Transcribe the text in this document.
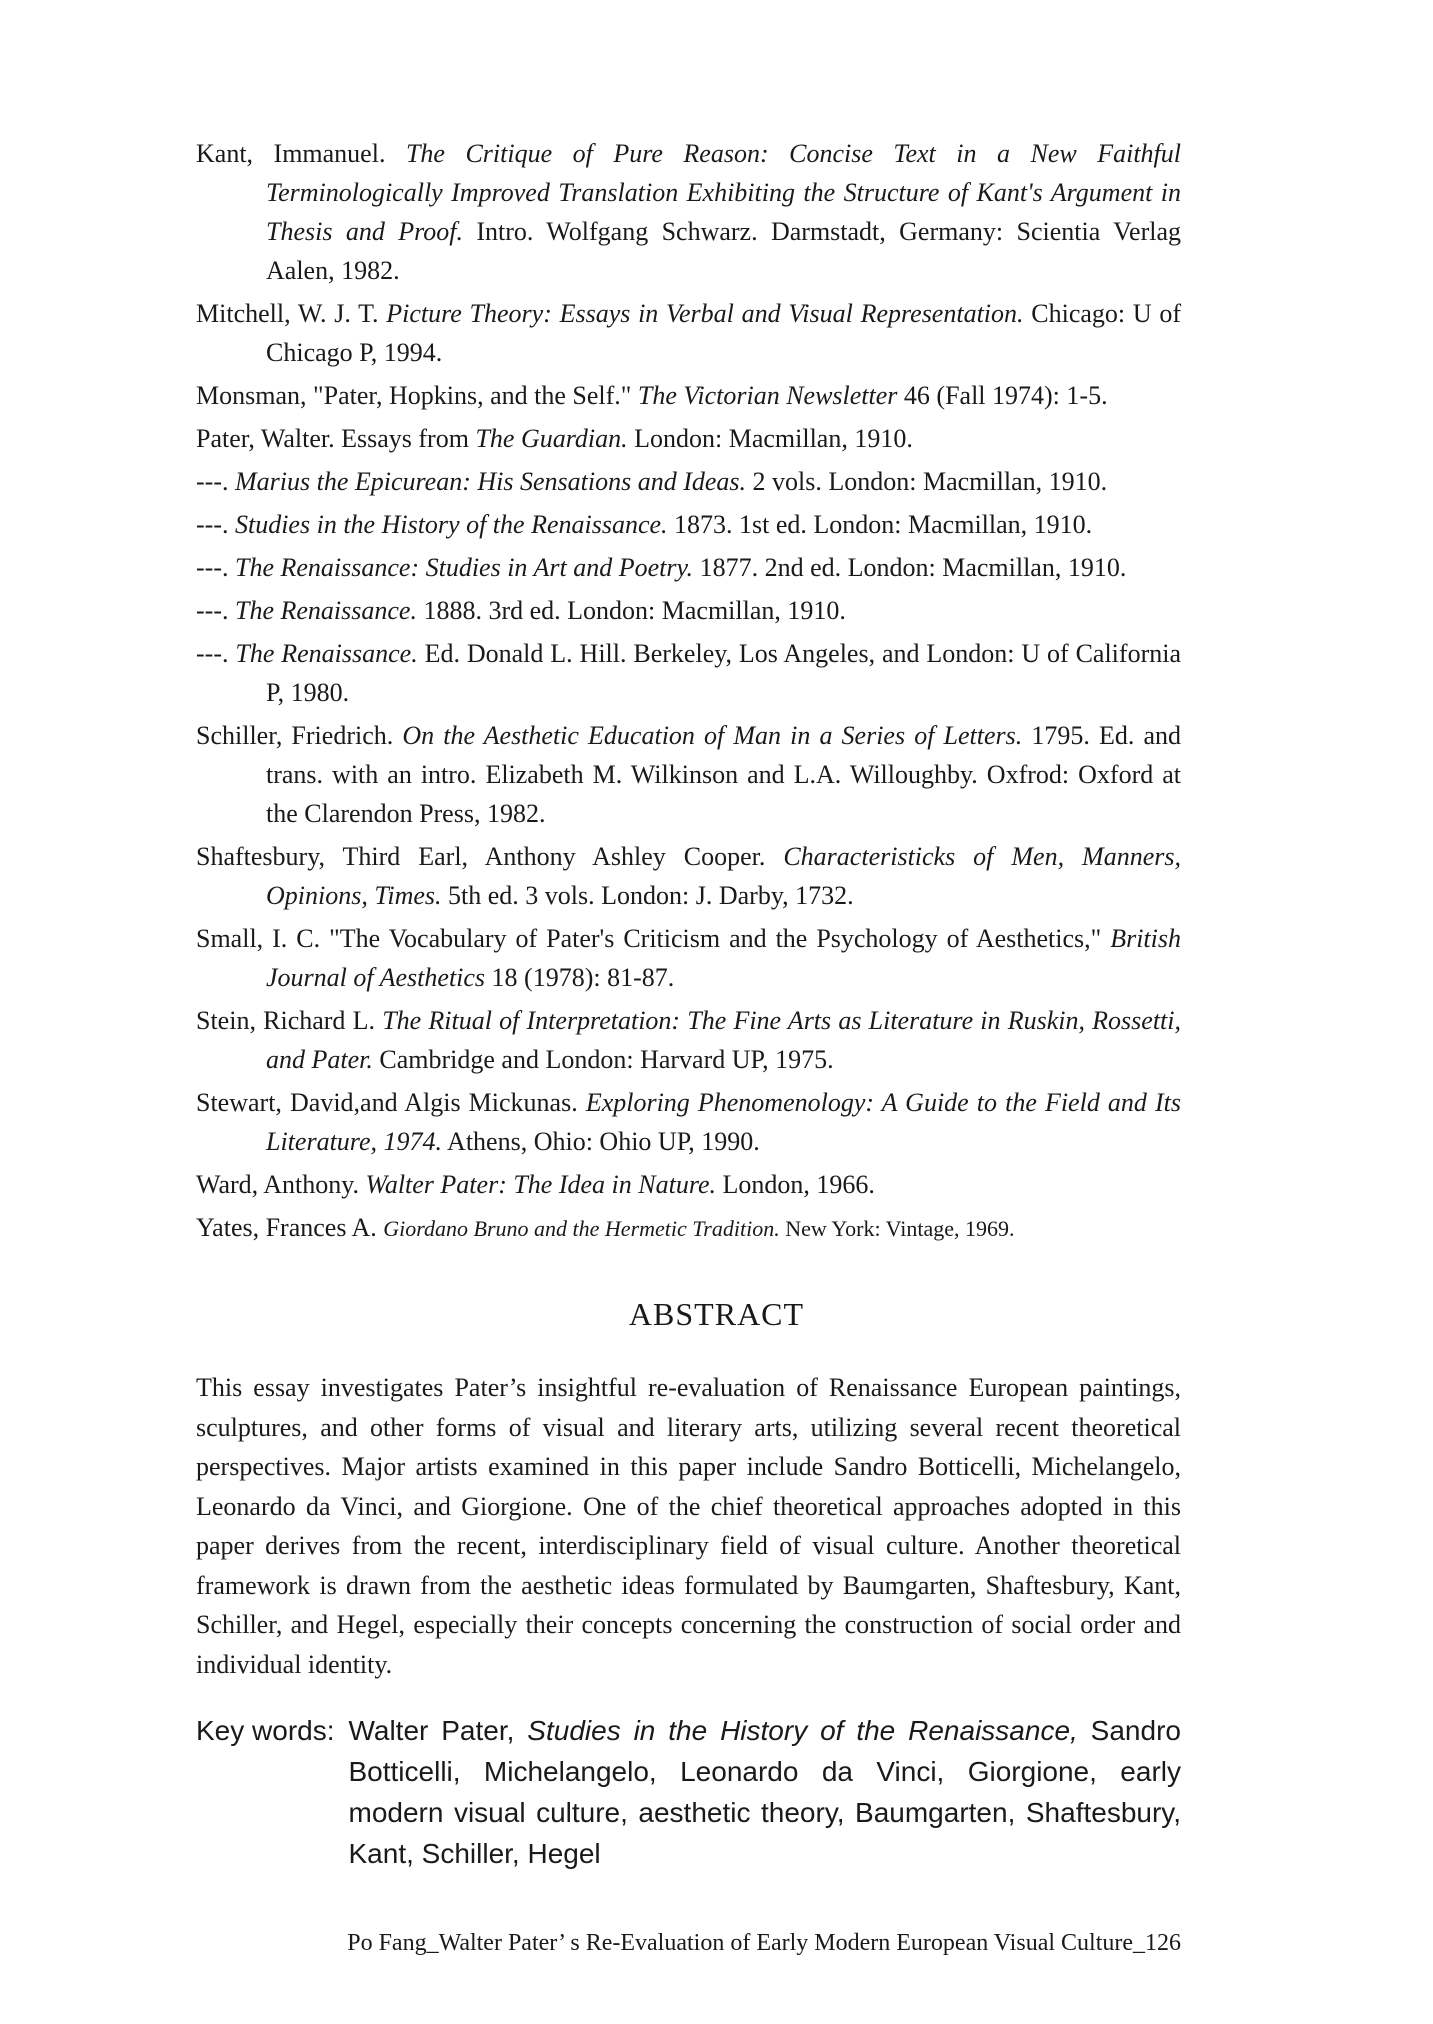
Kant, Immanuel. The Critique of Pure Reason: Concise Text in a New Faithful Terminologically Improved Translation Exhibiting the Structure of Kant's Argument in Thesis and Proof. Intro. Wolfgang Schwarz. Darmstadt, Germany: Scientia Verlag Aalen, 1982.

Mitchell, W. J. T. Picture Theory: Essays in Verbal and Visual Representation. Chicago: U of Chicago P, 1994.

Monsman, "Pater, Hopkins, and the Self." The Victorian Newsletter 46 (Fall 1974): 1-5.

Pater, Walter. Essays from The Guardian. London: Macmillan, 1910.

---. Marius the Epicurean: His Sensations and Ideas. 2 vols. London: Macmillan, 1910.

---. Studies in the History of the Renaissance. 1873. 1st ed. London: Macmillan, 1910.

---. The Renaissance: Studies in Art and Poetry. 1877. 2nd ed. London: Macmillan, 1910.

---. The Renaissance. 1888. 3rd ed. London: Macmillan, 1910.

---. The Renaissance. Ed. Donald L. Hill. Berkeley, Los Angeles, and London: U of California P, 1980.

Schiller, Friedrich. On the Aesthetic Education of Man in a Series of Letters. 1795. Ed. and trans. with an intro. Elizabeth M. Wilkinson and L.A. Willoughby. Oxfrod: Oxford at the Clarendon Press, 1982.

Shaftesbury, Third Earl, Anthony Ashley Cooper. Characteristicks of Men, Manners, Opinions, Times. 5th ed. 3 vols. London: J. Darby, 1732.

Small, I. C. "The Vocabulary of Pater's Criticism and the Psychology of Aesthetics," British Journal of Aesthetics 18 (1978): 81-87.

Stein, Richard L. The Ritual of Interpretation: The Fine Arts as Literature in Ruskin, Rossetti, and Pater. Cambridge and London: Harvard UP, 1975.

Stewart, David,and Algis Mickunas. Exploring Phenomenology: A Guide to the Field and Its Literature, 1974. Athens, Ohio: Ohio UP, 1990.

Ward, Anthony. Walter Pater: The Idea in Nature. London, 1966.

Yates, Frances A. Giordano Bruno and the Hermetic Tradition. New York: Vintage, 1969.

ABSTRACT
This essay investigates Pater’s insightful re-evaluation of Renaissance European paintings, sculptures, and other forms of visual and literary arts, utilizing several recent theoretical perspectives. Major artists examined in this paper include Sandro Botticelli, Michelangelo, Leonardo da Vinci, and Giorgione. One of the chief theoretical approaches adopted in this paper derives from the recent, interdisciplinary field of visual culture. Another theoretical framework is drawn from the aesthetic ideas formulated by Baumgarten, Shaftesbury, Kant, Schiller, and Hegel, especially their concepts concerning the construction of social order and individual identity.
Key words: Walter Pater, Studies in the History of the Renaissance, Sandro Botticelli, Michelangelo, Leonardo da Vinci, Giorgione, early modern visual culture, aesthetic theory, Baumgarten, Shaftesbury, Kant, Schiller, Hegel
Po Fang_Walter Pater’ s Re-Evaluation of Early Modern European Visual Culture_126
